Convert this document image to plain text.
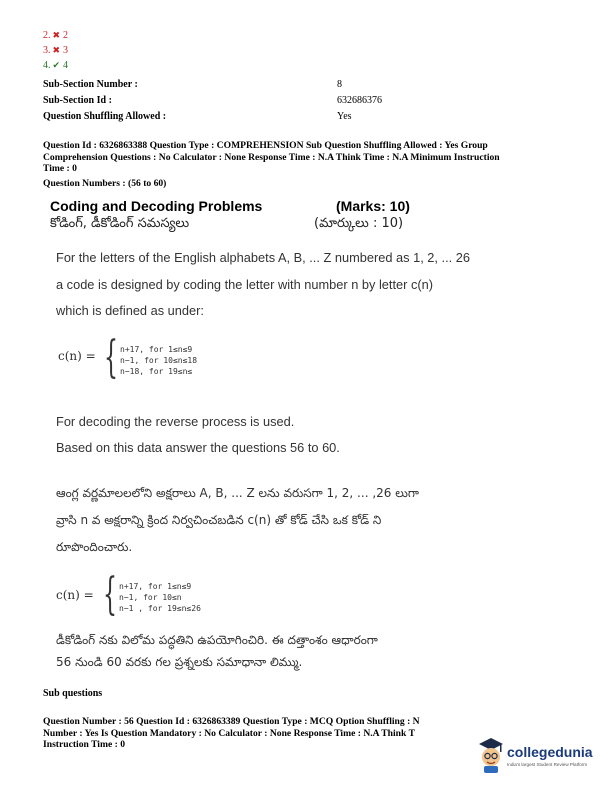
2. ✖ 2
3. ✖ 3
4. ✔ 4
Sub-Section Number :	8
Sub-Section Id :	632686376
Question Shuffling Allowed :	Yes
Question Id : 6326863388 Question Type : COMPREHENSION Sub Question Shuffling Allowed : Yes Group
Comprehension Questions : No Calculator : None Response Time : N.A Think Time : N.A Minimum Instruction
Time : 0
Question Numbers : (56 to 60)
Coding and Decoding Problems	(Marks: 10)
కోడింగ్, డీకోడింగ్ సమస్యలు	(మార్కులు : 10)
For the letters of the English alphabets A, B, ... Z numbered as 1, 2, ... 26
a code is designed by coding the letter with number n by letter c(n)
which is defined as under:
c(n) = { n+17, for 1≤n≤9
n−1, for 10≤n≤18
n−18, for 19≤n≤
For decoding the reverse process is used.
Based on this data answer the questions 56 to 60.
ఆంగ్ల వర్ణమాలలలోని అక్షరాలు A, B, ... Z లను వరుసగా 1, 2, ... ,26 లుగా
వ్రాసి n వ అక్షరాన్ని క్రింద నిర్వచించబడిన c(n) తో కోడ్ చేసి ఒక కోడ్ ని
రూపొందించారు.
c(n) = { n+17, for 1≤n≤9
n−1, for 10≤n
n−1 , for 19≤n≤26
డీకోడింగ్ నకు విలోమ పద్ధతిని ఉపయోగించిరి. ఈ దత్తాంశం ఆధారంగా
56 నుండి 60 వరకు గల ప్రశ్నలకు సమాధానా లిమ్ము.
Sub questions
Question Number : 56 Question Id : 6326863389 Question Type : MCQ Option Shuffling : N
Number : Yes Is Question Mandatory : No Calculator : None Response Time : N.A Think T
Instruction Time : 0	collegedunia
India's largest Student Review Platform
